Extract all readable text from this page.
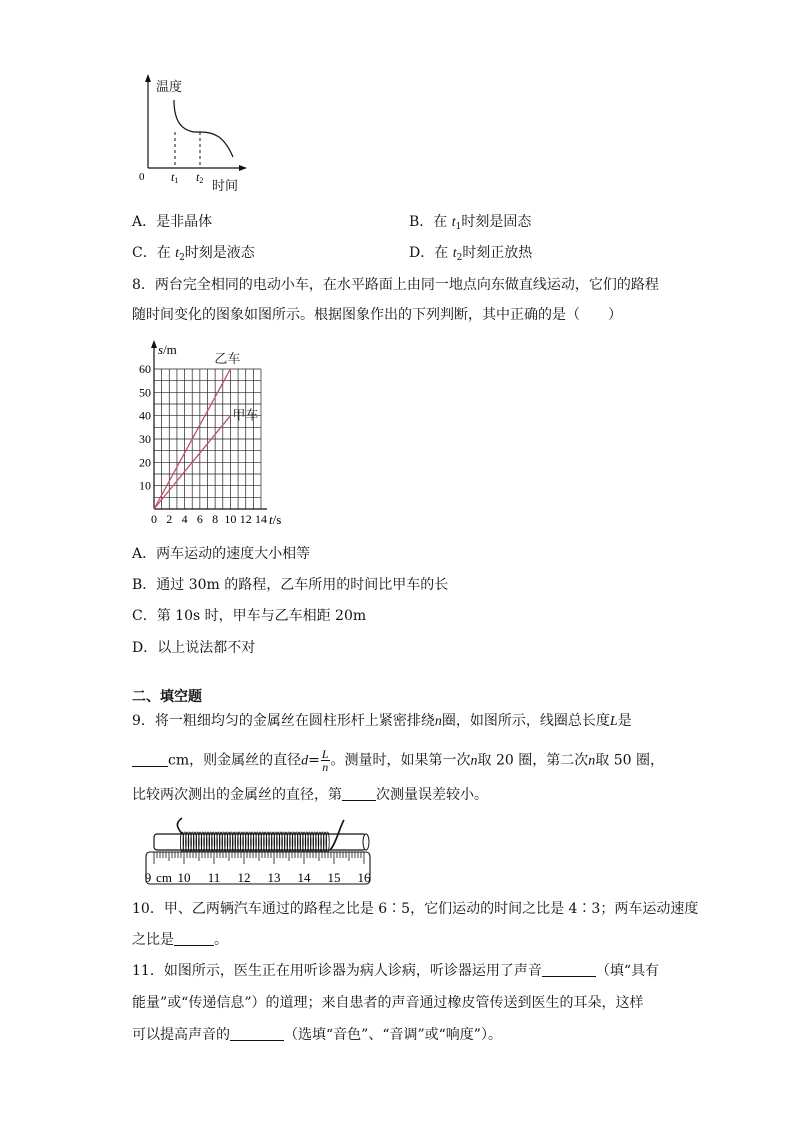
0 t1 t2
温度
时间
A．是非晶体	B．在 $t_1$时刻是固态
C．在 $t_2$时刻是液态	D．在 $t_2$时刻正放热
8．两台完全相同的电动小车，在水平路面上由同一地点向东做直线运动，它们的路程
随时间变化的图象如图所示。根据图象作出的下列判断，其中正确的是（　　）
乙车
甲车
2 4 6 8 10 12 14
10
20
30
40
50
60
0
s/m
t/s
A．两车运动的速度大小相等
B．通过 30m 的路程，乙车所用的时间比甲车的长
C．第 10s 时，甲车与乙车相距 20m
D．以上说法都不对
二、填空题
9．将一粗细均匀的金属丝在圆柱形杆上紧密排绕n圈，如图所示，线圈总长度L是
cm，则金属丝的直径$d= \frac{L}{n}$ 。测量时，如果第一次n取 20 圈，第二次n取 50 圈，
比较两次测出的金属丝的直径，第 次测量误差较小。
9 cm 10 11 12 13 14 15 16
10．甲、乙两辆汽车通过的路程之比是 6∶5，它们运动的时间之比是 4∶3；两车运动速度
之比是	。
11．如图所示，医生正在用听诊器为病人诊病，听诊器运用了声音	（填“具有
能量”或“传递信息”）的道理；来自患者的声音通过橡皮管传送到医生的耳朵，这样
可以提高声音的	（选填“音色”、“音调”或“响度”）。
